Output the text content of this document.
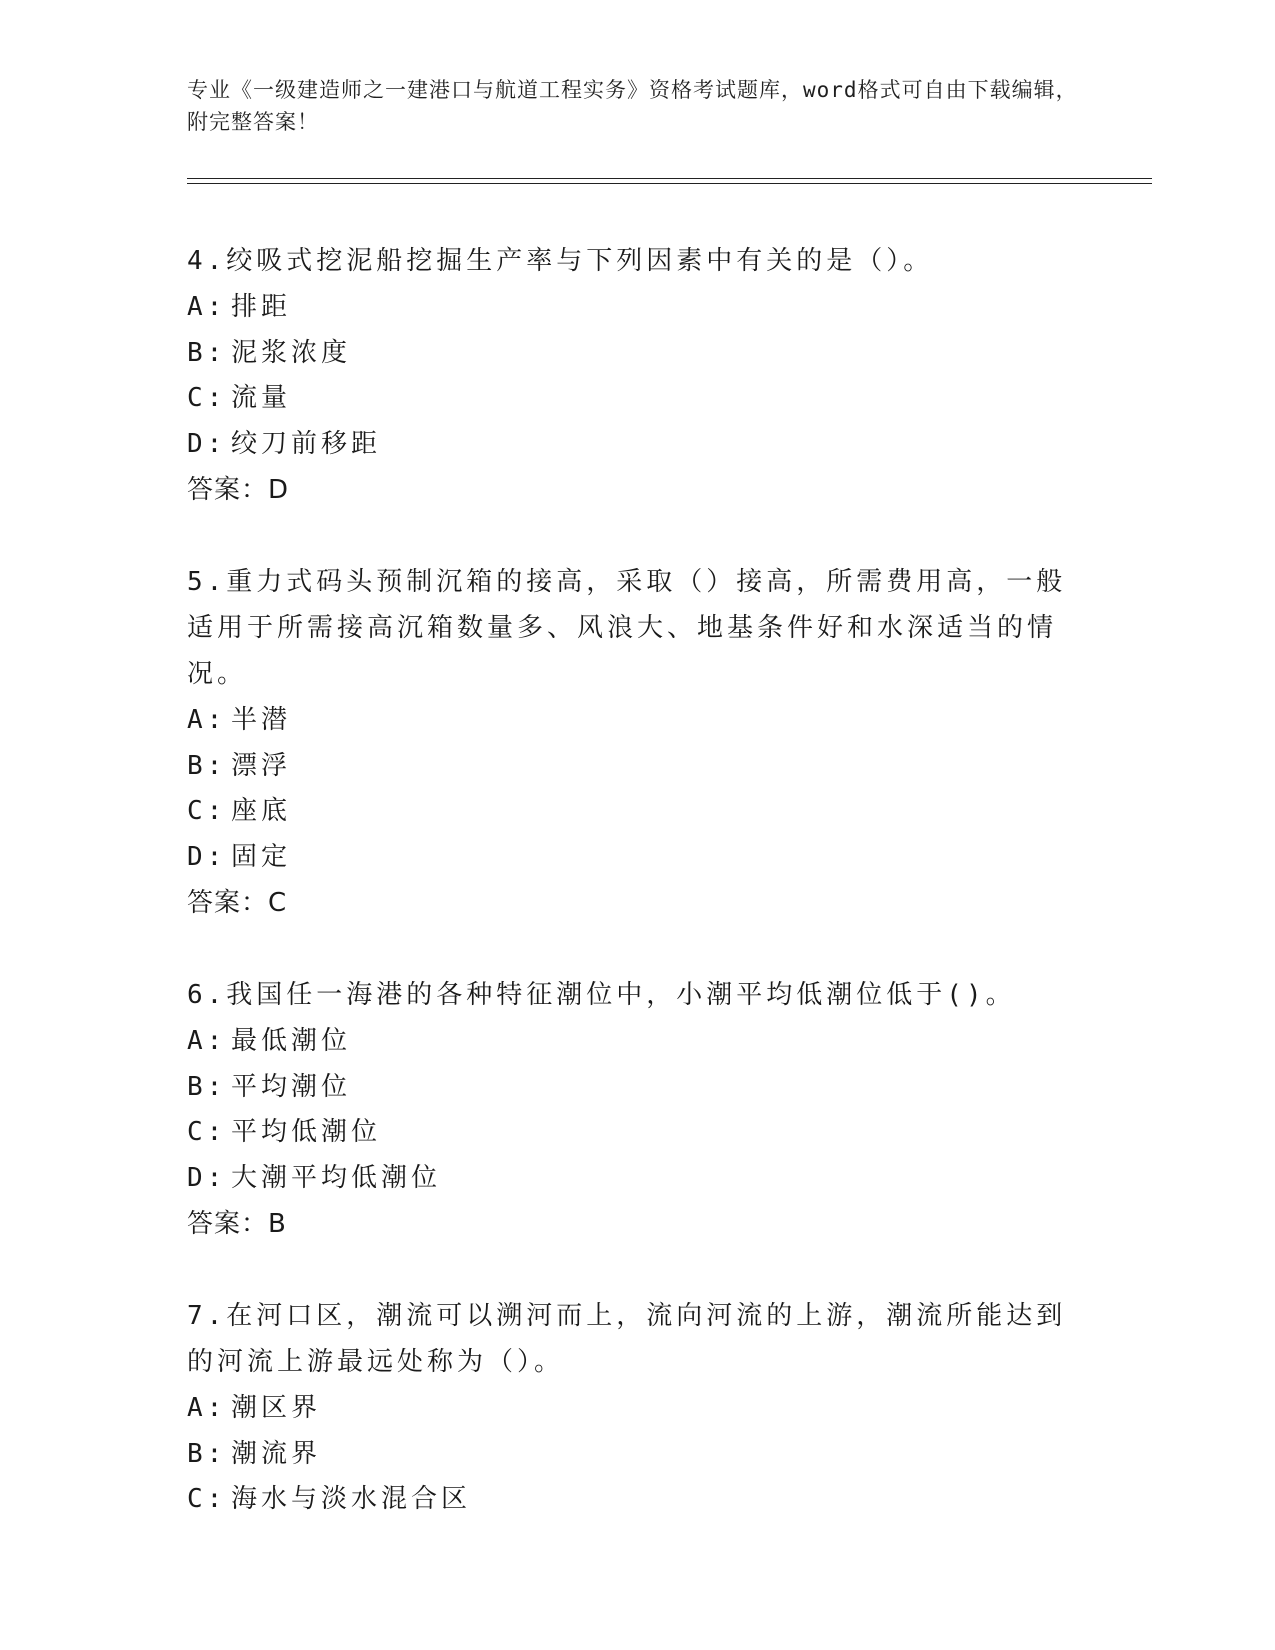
专业《一级建造师之一建港口与航道工程实务》资格考试题库，word格式可自由下载编辑，附完整答案！
4.绞吸式挖泥船挖掘生产率与下列因素中有关的是（）。
A: 排距
B: 泥浆浓度
C: 流量
D: 绞刀前移距
答案：D
5.重力式码头预制沉箱的接高，采取（）接高，所需费用高，一般适用于所需接高沉箱数量多、风浪大、地基条件好和水深适当的情况。
A: 半潜
B: 漂浮
C: 座底
D: 固定
答案：C
6.我国任一海港的各种特征潮位中，小潮平均低潮位低于()。
A: 最低潮位
B: 平均潮位
C: 平均低潮位
D: 大潮平均低潮位
答案：B
7.在河口区，潮流可以溯河而上，流向河流的上游，潮流所能达到的河流上游最远处称为（）。
A: 潮区界
B: 潮流界
C: 海水与淡水混合区
